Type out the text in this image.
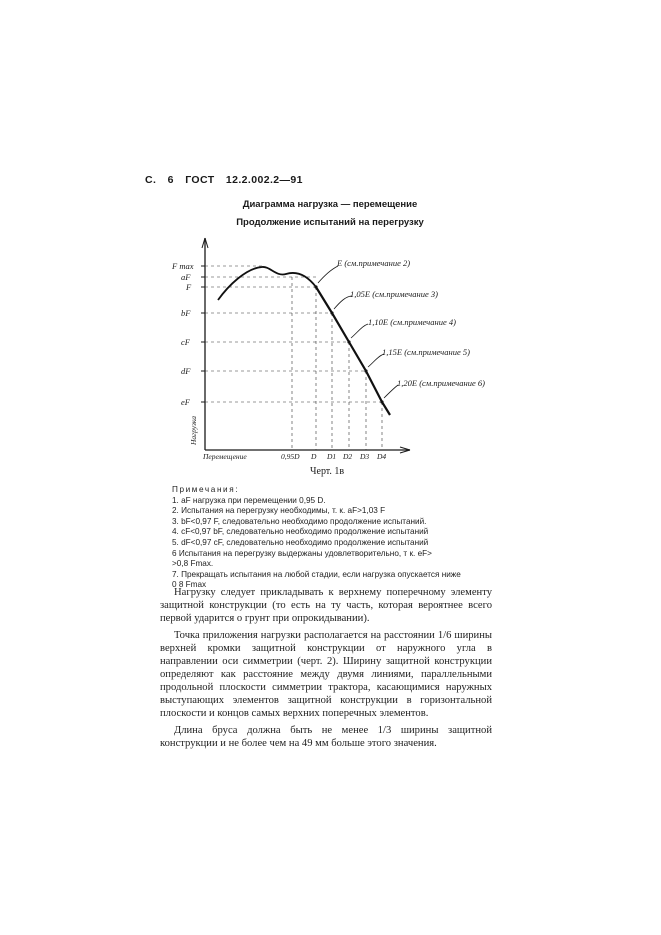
С. 6 ГОСТ 12.2.002.2—91
Диаграмма нагрузка — перемещение
Продолжение испытаний на перегрузку
F max
aF
F
bF
cF
dF
eF
Нагрузка
Перемещение	0,95D D D1 D2 D3 D4
E (см.примечание 2)
1,05E (см.примечание 3)
1,10E (см.примечание 4)
1,15E (см.примечание 5)
1,20E (см.примечание 6)
Черт. 1в
Примечания:
1. aF нагрузка при перемещении 0,95 D.
2. Испытания на перегрузку необходимы, т. к. aF>1,03 F
3. bF<0,97 F, следовательно необходимо продолжение испытаний.
4. cF<0,97 bF, следовательно необходимо продолжение испытаний
5. dF<0,97 cF, следовательно необходимо продолжение испытаний
6 Испытания на перегрузку выдержаны удовлетворительно, т к. eF>
>0,8 Fmax.
7. Прекращать испытания на любой стадии, если нагрузка опускается ниже
0 8 Fmax

Нагрузку следует прикладывать к верхнему поперечному элементу защитной конструкции (то есть на ту часть, которая вероятнее всего первой ударится о грунт при опрокидывании).

Точка приложения нагрузки располагается на расстоянии 1/6 ширины верхней кромки защитной конструкции от наружного угла в направлении оси симметрии (черт. 2). Ширину защитной конструкции определяют как расстояние между двумя линиями, параллельными продольной плоскости симметрии трактора, касающимися наружных выступающих элементов защитной конструкции в горизонтальной плоскости и концов самых верхних поперечных элементов.

Длина бруса должна быть не менее 1/3 ширины защитной конструкции и не более чем на 49 мм больше этого значения.
